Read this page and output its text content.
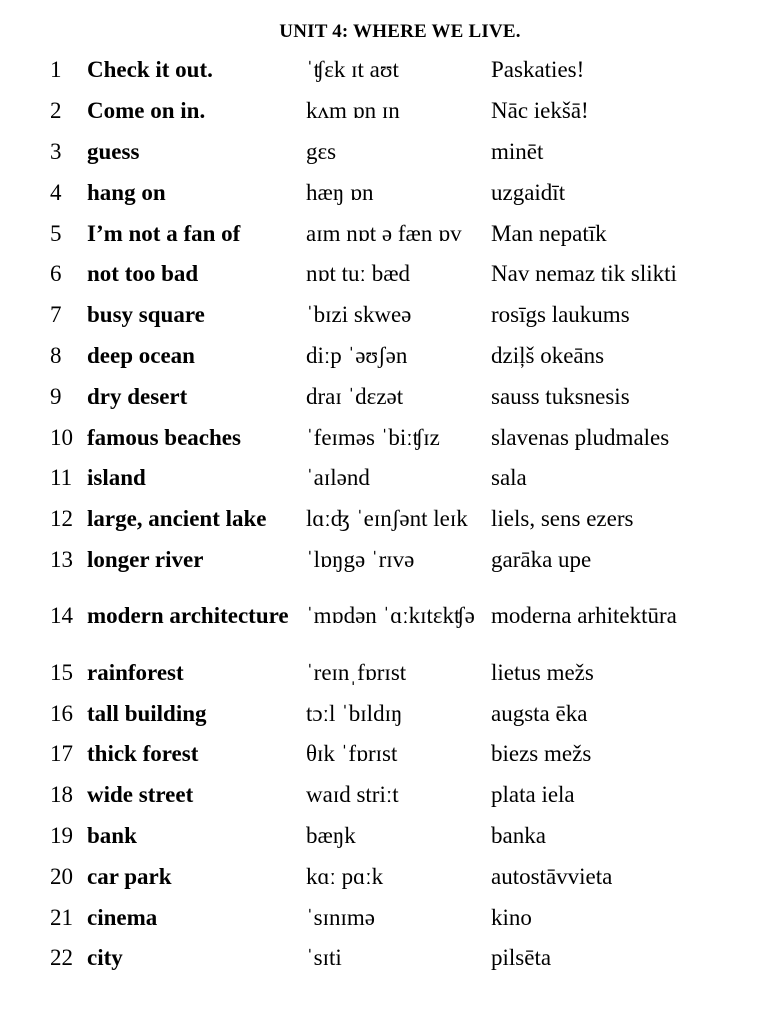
UNIT 4: WHERE WE LIVE.
1	Check it out.	ˈʧɛk ɪt aʊt	Paskaties!
2	Come on in.	kʌm ɒn ɪn	Nāc iekšā!
3	guess	gɛs	minēt
4	hang on	hæŋ ɒn	uzgaidīt
5	I’m not a fan of	aɪm nɒt ə fæn ɒv	Man nepatīk
6	not too bad	nɒt tuː bæd	Nav nemaz tik slikti
7	busy square	ˈbɪzi skweə	rosīgs laukums
8	deep ocean	diːp ˈəʊʃən	dziļš okeāns
9	dry desert	draɪ ˈdɛzət	sauss tuksnesis
10	famous beaches	ˈfeɪməs ˈbiːʧɪz	slavenas pludmales
11	island	ˈaɪlənd	sala
12	large, ancient lake	lɑːʤ ˈeɪnʃənt leɪk	liels, sens ezers
13	longer river	ˈlɒŋgə ˈrɪvə	garāka upe
14	modern architecture	ˈmɒdən ˈɑːkɪtɛkʧə	moderna arhitektūra
15	rainforest	ˈreɪnˌfɒrɪst	lietus mežs
16	tall building	tɔːl ˈbɪldɪŋ	augsta ēka
17	thick forest	θɪk ˈfɒrɪst	biezs mežs
18	wide street	waɪd striːt	plata iela
19	bank	bæŋk	banka
20	car park	kɑː pɑːk	autostāvvieta
21	cinema	ˈsɪnɪmə	kino
22	city	ˈsɪti	pilsēta
